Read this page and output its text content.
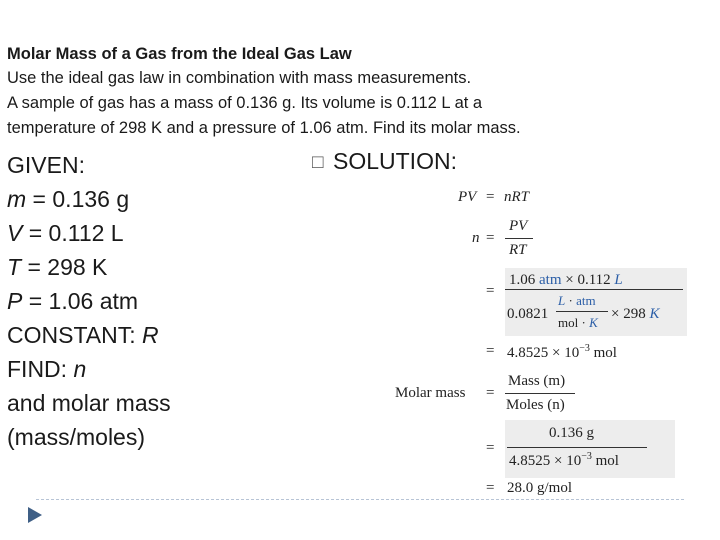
Molar Mass of a Gas from the Ideal Gas Law

Use the ideal gas law in combination with mass measurements.

A sample of gas has a mass of 0.136 g. Its volume is 0.112 L at a

temperature of 298 K and a pressure of 1.06 atm. Find its molar mass.

GIVEN:
m = 0.136 g
V = 0.112 L
T = 298 K
P = 1.06 atm
CONSTANT: R
FIND: n
and molar mass
(mass/moles)
□ SOLUTION:
PV = nRT
n =
PV
RT
=
1.06 atm × 0.112 L
L · atm
0.0821
mol · K
× 298 K
= $4.8525 \times 10^{-3}$ mol
Molar mass =
Mass (m)
Moles (n)
=
0.136 g
$4.8525 \times 10^{-3}$ mol
= 28.0 g/mol
